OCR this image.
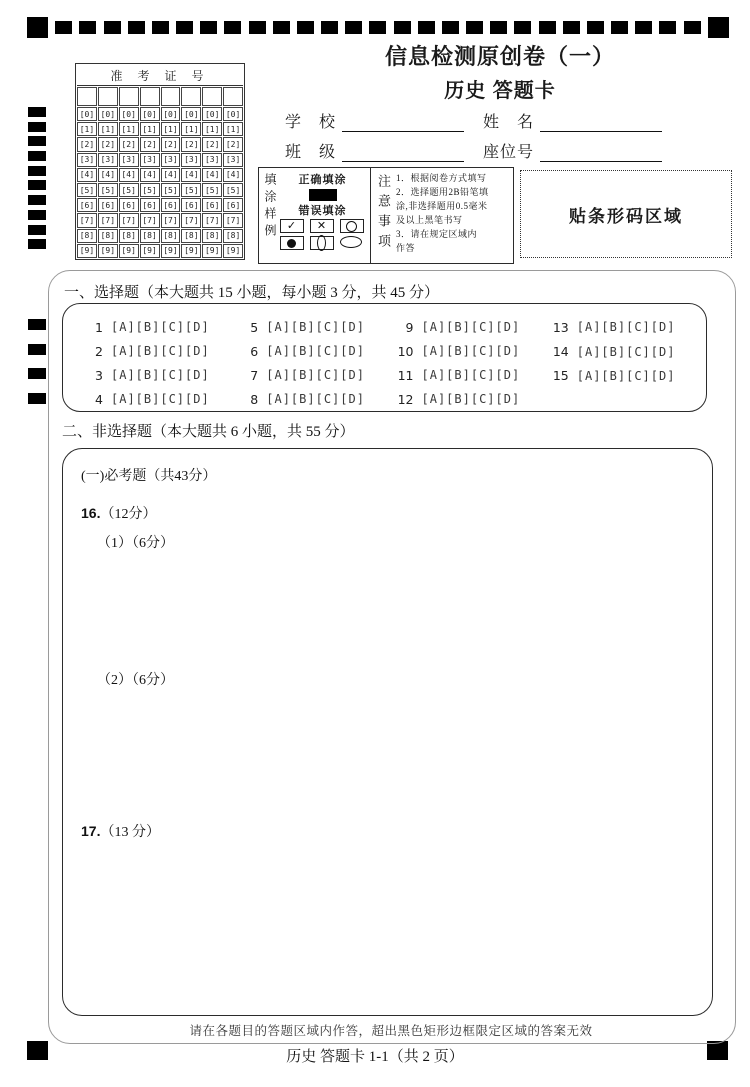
信息检测原创卷（一）
历史 答题卡
学　校	姓　名
班　级	座位号
准 考 证 号							

[0]	[0]	[0]	[0]	[0]	[0]	[0]	[0]
[1]	[1]	[1]	[1]	[1]	[1]	[1]	[1]
[2]	[2]	[2]	[2]	[2]	[2]	[2]	[2]
[3]	[3]	[3]	[3]	[3]	[3]	[3]	[3]
[4]	[4]	[4]	[4]	[4]	[4]	[4]	[4]
[5]	[5]	[5]	[5]	[5]	[5]	[5]	[5]
[6]	[6]	[6]	[6]	[6]	[6]	[6]	[6]
[7]	[7]	[7]	[7]	[7]	[7]	[7]	[7]
[8]	[8]	[8]	[8]	[8]	[8]	[8]	[8]
[9]	[9]	[9]	[9]	[9]	[9]	[9]	[9]
填涂样例 正确填涂
错误填涂
✓	✕	注意事项 1．根据阅卷方式填写
2．选择题用2B铅笔填
涂,非选择题用0.5毫米
及以上黑笔书写
3．请在规定区域内
作答
贴条形码区域
一、选择题（本大题共 15 小题，每小题 3 分，共 45 分）
1 [A][B][C][D]
2 [A][B][C][D]
3 [A][B][C][D]
4 [A][B][C][D]
5 [A][B][C][D]
6 [A][B][C][D]
7 [A][B][C][D]
8 [A][B][C][D]
9 [A][B][C][D]
10 [A][B][C][D]
11 [A][B][C][D]
12 [A][B][C][D]
13 [A][B][C][D]
14 [A][B][C][D]
15 [A][B][C][D]
二、非选择题（本大题共 6 小题，共 55 分）
(一)必考题（共43分）
16.（12分）
（1）（6分）
（2）（6分）
17.（13 分）
请在各题目的答题区域内作答，超出黑色矩形边框限定区域的答案无效
历史 答题卡 1-1（共 2 页）
